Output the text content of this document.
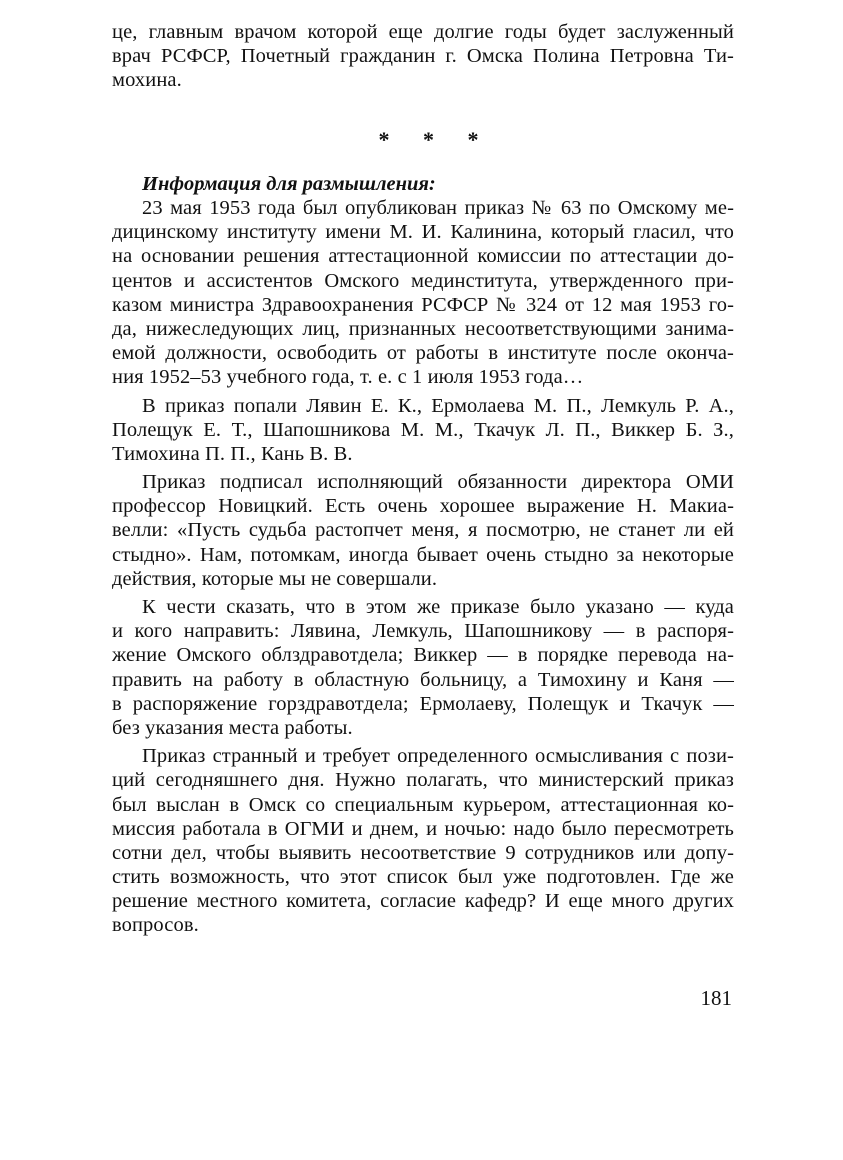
це, главным врачом которой еще долгие годы будет заслуженный
врач РСФСР, Почетный гражданин г. Омска Полина Петровна Ти-
мохина.
* * *
Информация для размышления:
23 мая 1953 года был опубликован приказ № 63 по Омскому ме-
дицинскому институту имени М. И. Калинина, который гласил, что
на основании решения аттестационной комиссии по аттестации до-
центов и ассистентов Омского мединститута, утвержденного при-
казом министра Здравоохранения РСФСР № 324 от 12 мая 1953 го-
да, нижеследующих лиц, признанных несоответствующими занима-
емой должности, освободить от работы в институте после оконча-
ния 1952–53 учебного года, т. е. с 1 июля 1953 года…
В приказ попали Лявин Е. К., Ермолаева М. П., Лемкуль Р. А.,
Полещук Е. Т., Шапошникова М. М., Ткачук Л. П., Виккер Б. З.,
Тимохина П. П., Кань В. В.
Приказ подписал исполняющий обязанности директора ОМИ
профессор Новицкий. Есть очень хорошее выражение Н. Макиа-
велли: «Пусть судьба растопчет меня, я посмотрю, не станет ли ей
стыдно». Нам, потомкам, иногда бывает очень стыдно за некоторые
действия, которые мы не совершали.
К чести сказать, что в этом же приказе было указано — куда
и кого направить: Лявина, Лемкуль, Шапошникову — в распоря-
жение Омского облздравотдела; Виккер — в порядке перевода на-
править на работу в областную больницу, а Тимохину и Каня —
в распоряжение горздравотдела; Ермолаеву, Полещук и Ткачук —
без указания места работы.
Приказ странный и требует определенного осмысливания с пози-
ций сегодняшнего дня. Нужно полагать, что министерский приказ
был выслан в Омск со специальным курьером, аттестационная ко-
миссия работала в ОГМИ и днем, и ночью: надо было пересмотреть
сотни дел, чтобы выявить несоответствие 9 сотрудников или допу-
стить возможность, что этот список был уже подготовлен. Где же
решение местного комитета, согласие кафедр? И еще много других
вопросов.
181
